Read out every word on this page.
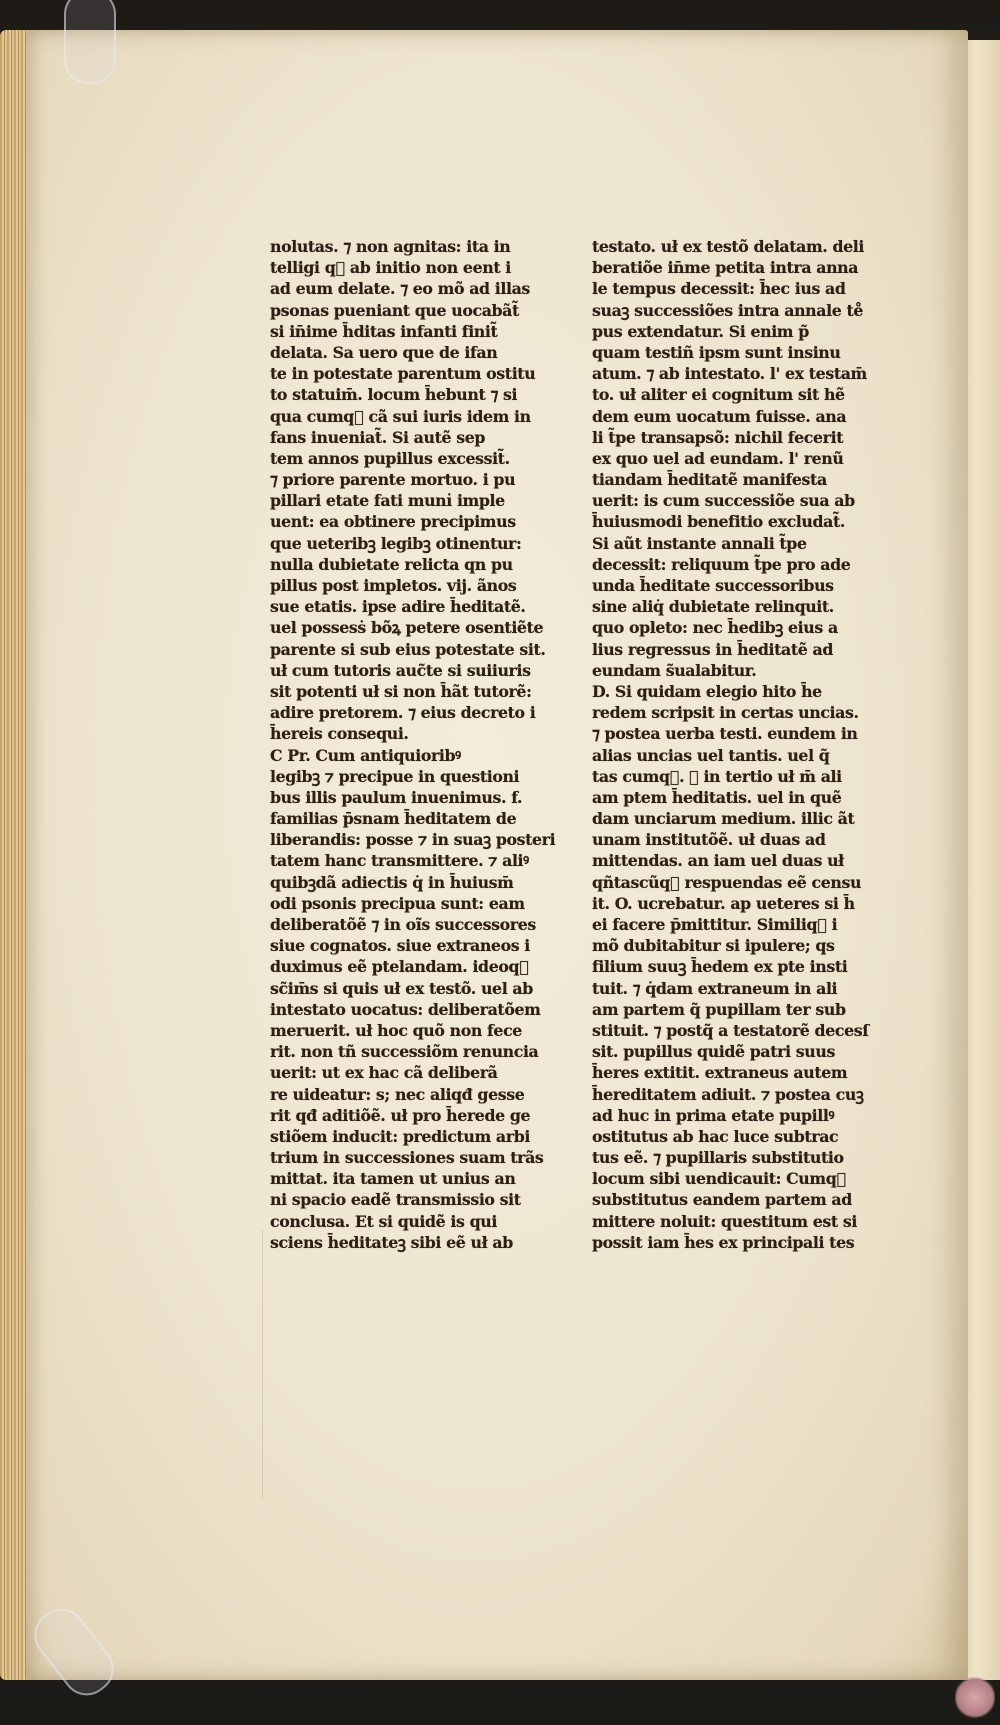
nolutas. ⁊ non agnitas: ita in
telligi qᷓ ab initio non eent i
ad eum delate. ⁊ eo mõ ad illas
psonas pueniant que uocabãt̃
si in̄ime h̄ditas infanti finit̃
delata. Sa uero que de ifan
te in potestate parentum ostitu
to statuim̄. locum h̄ebunt ⁊ si
qua cumqᷓ cã sui iuris idem in
fans inueniat̃. Si autẽ sep
tem annos pupillus excessit̃.
⁊ priore parente mortuo. i pu
pillari etate fati muni̇ imple
uent: ea obtinere precipimus
que ueteribꝫ legibꝫ otinentur:
nulla dubietate relicta qn pu
pillus post impletos. vij. ãnos
sue etatis. ipse adire h̄editatẽ.
uel possesṡ bõꝝ petere osentiẽte
parente si sub eius potestate sit.
uł cum tutoris auc̃te si suiiuris
sit potenti uł si non h̄ãt tutorẽ:
adire pretorem. ⁊ eius decreto i
h̄ereis consequi.
C Pr. Cum antiquioribꝰ
legibꝫ ⁊ precipue in questioni
bus illis paulum inuenimus. f.
familias p̄snam h̄editatem de
liberandis: posse ⁊ in suaꝫ posteri
tatem hanc transmittere. ⁊ aliꝰ
quibꝫdã adiectis q̇ in h̄uiusm̄
odi psonis precipua sunt: eam
deliberatõẽ ⁊ in oĩs successores
siue cognatos. siue extraneos i
duximus eẽ ptelandam. ideoqᷓ
sc̃im̄s si quis uł ex testõ. uel ab
intestato uocatus: deliberatõem
meruerit. uł hoc quõ non fece
rit. non tñ successiõm renuncia
uerit: ut ex hac cã deliberã
re uideatur: s; nec aliqđ gesse
rit qđ aditiõẽ. uł pro h̄erede ge
stiõem inducit: predictum arbi
trium in successiones suam trãs
mittat. ita tamen ut unius an
ni spacio eadẽ transmissio sit
conclusa. Et si quidẽ is qui
sciens h̄editateꝫ sibi eẽ uł ab
testato. uł ex testõ delatam. deli
beratiõe in̄me petita intra anna
le tempus decessit: h̄ec ius ad
suaꝫ successiões intra annale te̊
pus extendatur. Si enim p̃
quam testiñ ipsm sunt insinu
atum. ⁊ ab intestato. l' ex testam̄
to. uł aliter ei cognitum sit hẽ
dem eum uocatum fuisse. ana
li t̃pe transapsõ: nichil fecerit
ex quo uel ad eundam. l' renũ
tiandam h̄editatẽ manifesta
uerit: is cum successiõe sua ab
h̄uiusmodi benefitio excludat̃.
Si aũt instante annali t̃pe
decessit: reliquum t̃pe pro ade
unda h̄editate successoribus
sine aliq̇ dubietate relinquit.
quo opleto: nec h̄edibꝫ eius a
lius regressus in h̄editatẽ ad
eundam s̃ualabitur.
D. Si quidam elegio hito h̄e
redem scripsit in certas uncias.
⁊ postea uerba testi. eundem in
alias uncias uel tantis. uel q̃
tas cumqᷓ. ⁊ in tertio uł m̄ ali
am ptem h̄editatis. uel in quẽ
dam unciarum medium. illic ãt
unam institutõẽ. uł duas ad
mittendas. an iam uel duas uł
qñtascũqᷓ respuendas eẽ censu
it. O. ucrebatur. ap ueteres si h̄
ei facere p̄mittitur. Similiqᷓ i
mõ dubitabitur si ipulere; qs
filium suuꝫ h̄edem ex pte insti
tuit. ⁊ q̇dam extraneum in ali
am partem q̃ pupillam ter sub
stituit. ⁊ postq̃ a testatorẽ decesſ
sit. pupillus quidẽ patri suus
h̄eres extitit. extraneus autem
h̄ereditatem adiuit. ⁊ postea cuꝫ
ad huc in prima etate pupillꝰ
ostitutus ab hac luce subtrac
tus eẽ. ⁊ pupillaris substitutio
locum sibi uendicauit: Cumqᷓ
substitutus eandem partem ad
mittere noluit: questitum est si
possit iam h̄es ex principali tes
